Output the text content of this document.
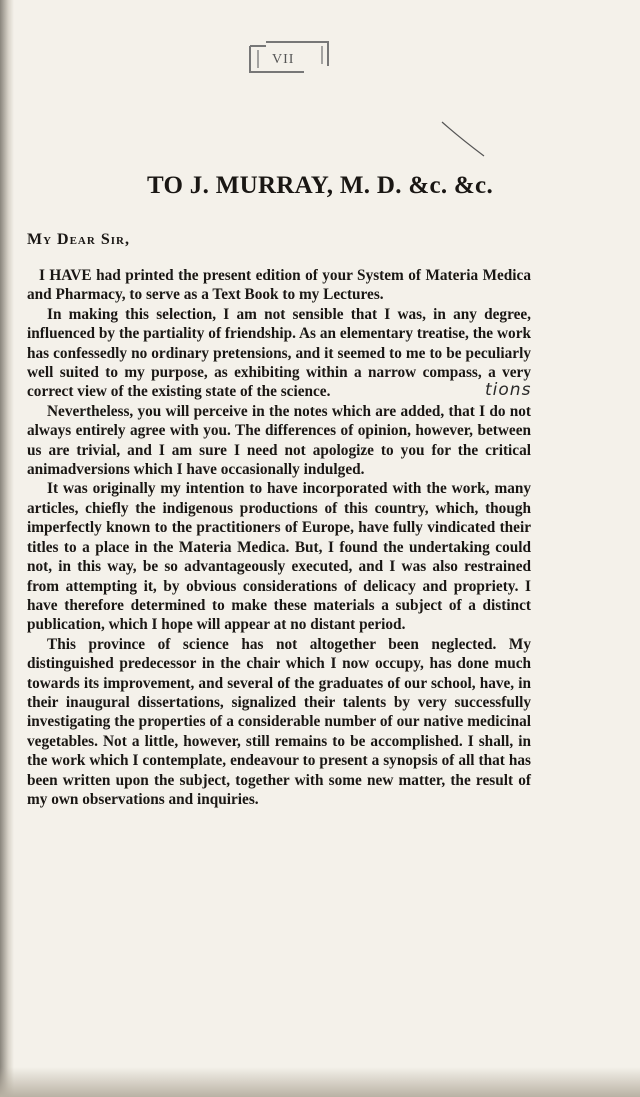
VII
TO J. MURRAY, M. D. &c. &c.
My Dear Sir,

I HAVE had printed the present edition of your System of Materia Medica and Pharmacy, to serve as a Text Book to my Lectures.

In making this selection, I am not sensible that I was, in any degree, influenced by the partiality of friendship. As an elementary treatise, the work has confessedly no ordinary pretensions, and it seemed to me to be peculiarly well suited to my purpose, as exhibiting within a narrow compass, a very correct view of the existing state of the science.

Nevertheless, you will perceive in the notes which are added, that I do not always entirely agree with you. The differences of opinion, however, between us are trivial, and I am sure I need not apologize to you for the critical animadversions which I have occasionally indulged.

It was originally my intention to have incorporated with the work, many articles, chiefly the indigenous productions of this country, which, though imperfectly known to the practitioners of Europe, have fully vindicated their titles to a place in the Materia Medica. But, I found the undertaking could not, in this way, be so advantageously executed, and I was also restrained from attempting it, by obvious considerations of delicacy and propriety. I have therefore determined to make these materials a subject of a distinct publication, which I hope will appear at no distant period.

This province of science has not altogether been neglected. My distinguished predecessor in the chair which I now occupy, has done much towards its improvement, and several of the graduates of our school, have, in their inaugural dissertations, signalized their talents by very successfully investigating the properties of a considerable number of our native medicinal vegetables. Not a little, however, still remains to be accomplished. I shall, in the work which I contemplate, endeavour to present a synopsis of all that has been written upon the subject, together with some new matter, the result of my own observations and inquiries.

tions
